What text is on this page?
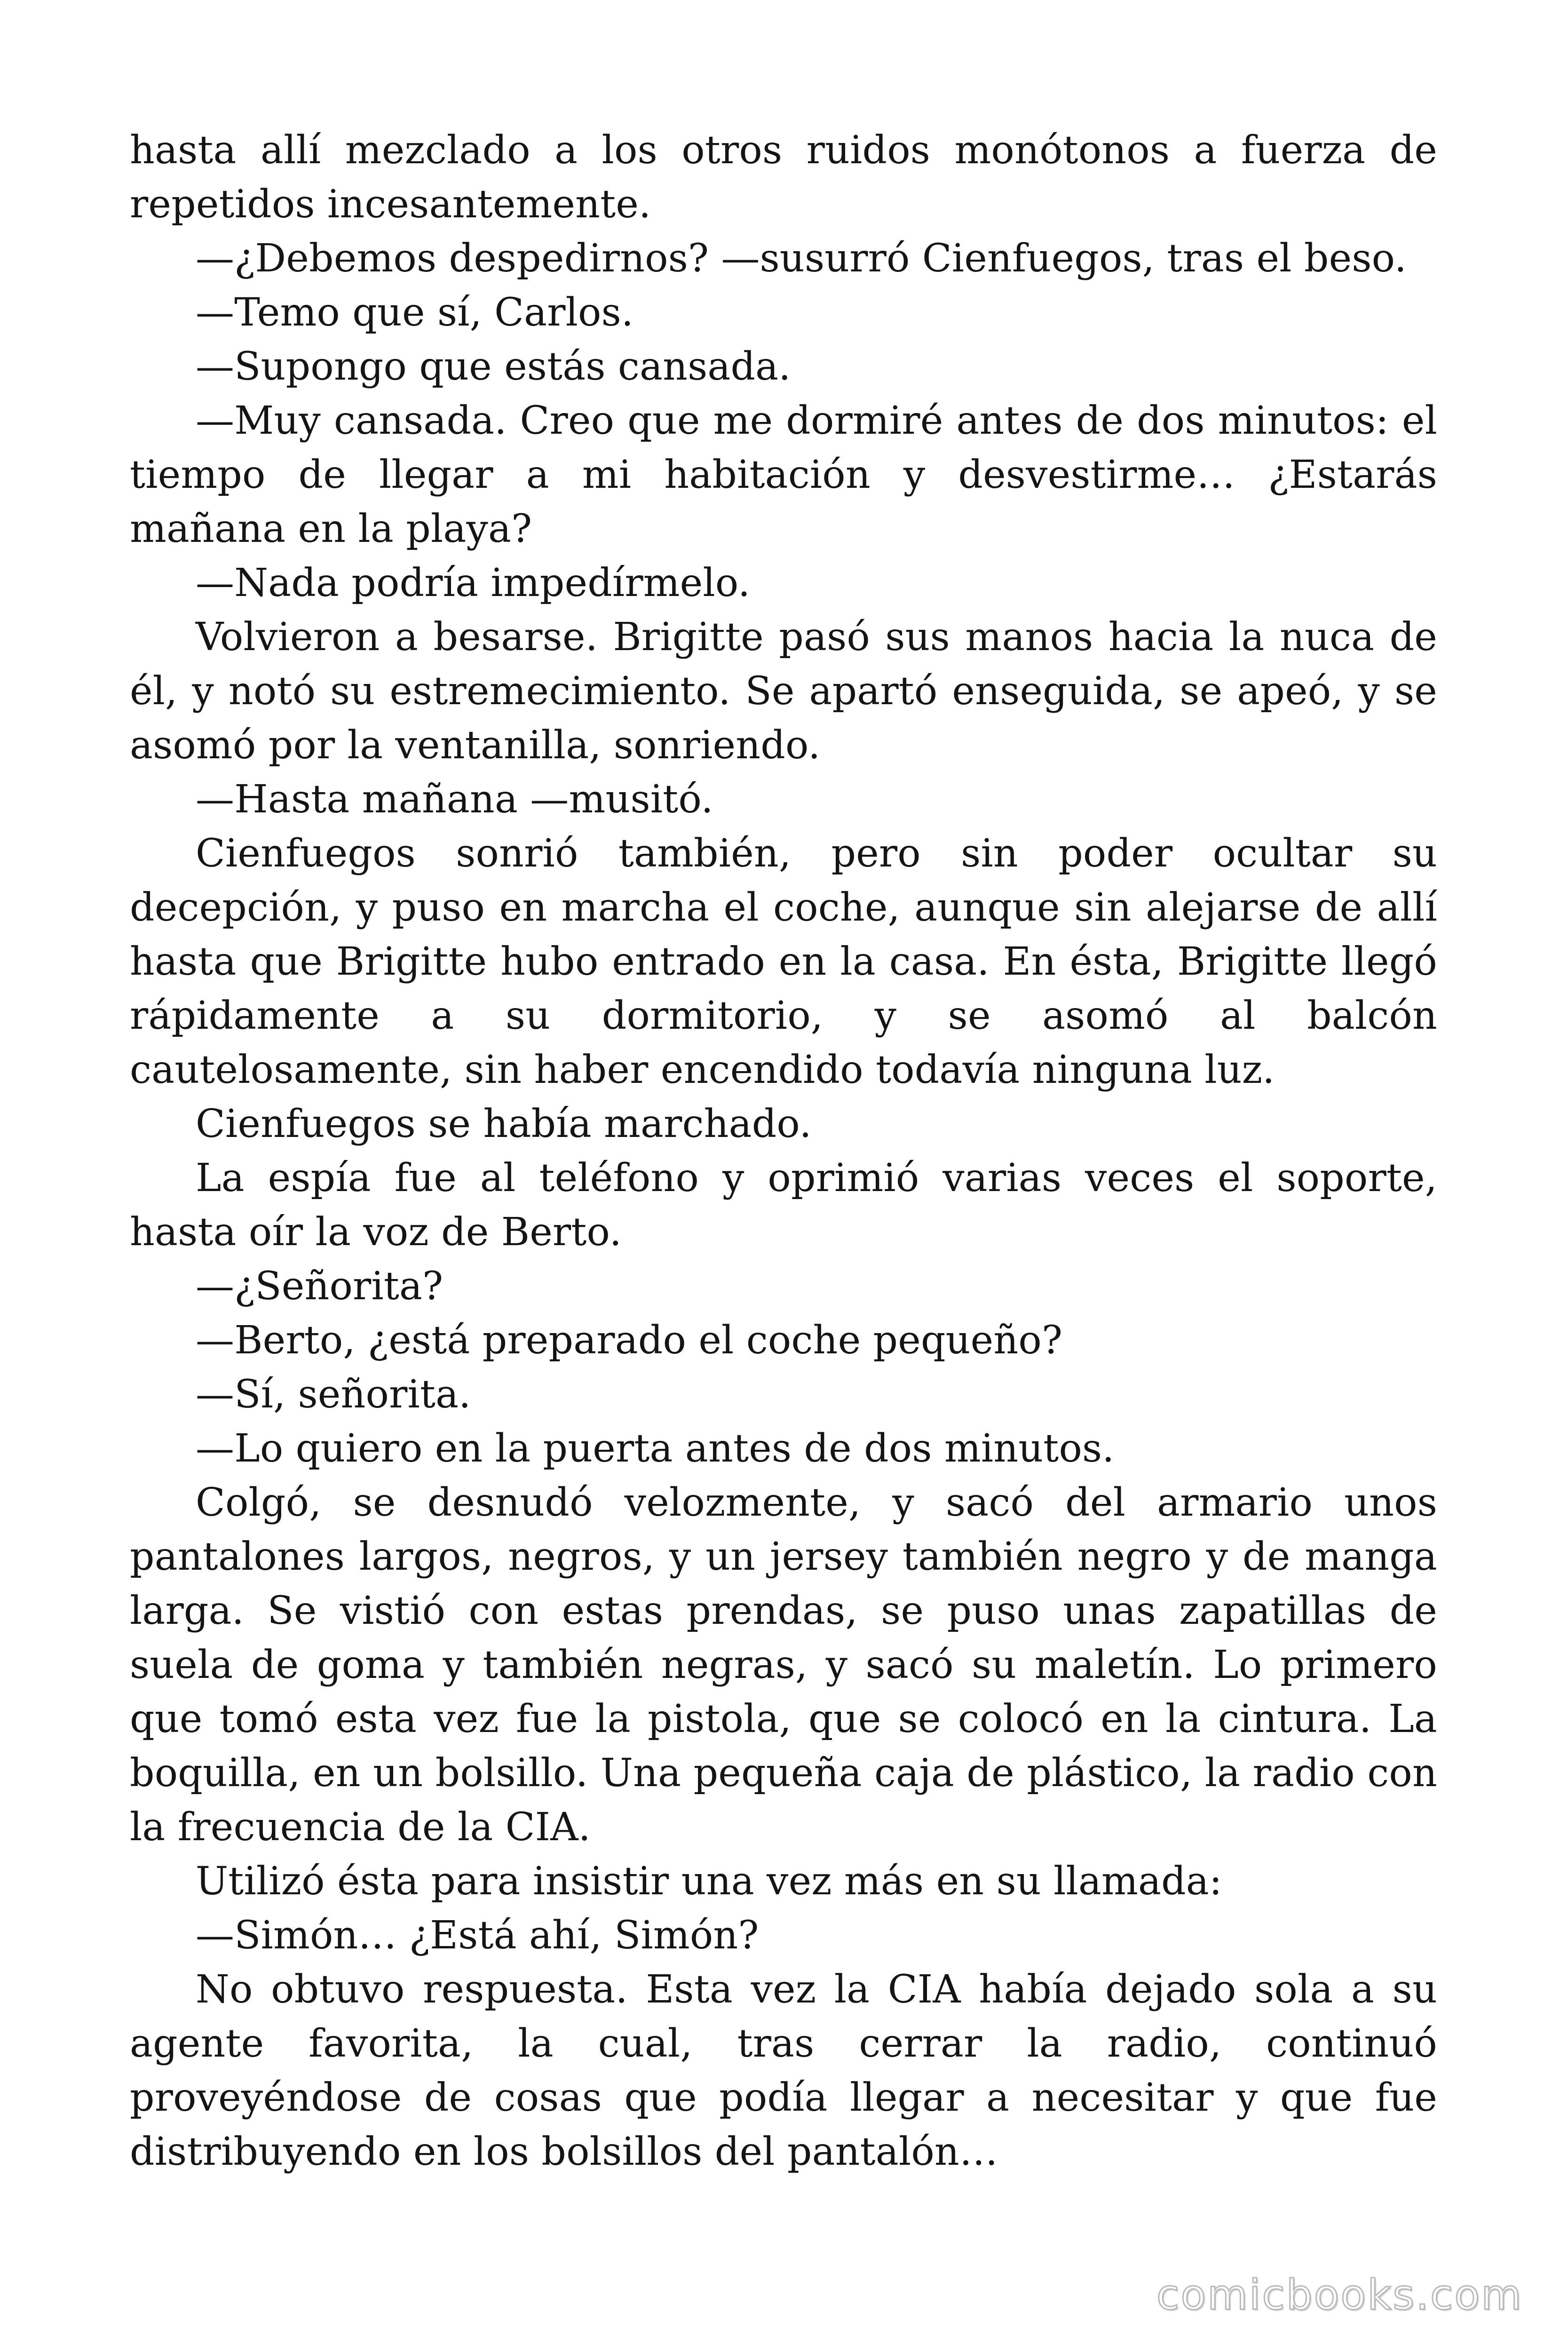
hasta allí mezclado a los otros ruidos monótonos a fuerza de repetidos incesantemente.

—¿Debemos despedirnos? —susurró Cienfuegos, tras el beso.

—Temo que sí, Carlos.

—Supongo que estás cansada.

—Muy cansada. Creo que me dormiré antes de dos minutos: el tiempo de llegar a mi habitación y desvestirme… ¿Estarás mañana en la playa?

—Nada podría impedírmelo.

Volvieron a besarse. Brigitte pasó sus manos hacia la nuca de él, y notó su estremecimiento. Se apartó enseguida, se apeó, y se asomó por la ventanilla, sonriendo.

—Hasta mañana —musitó.

Cienfuegos sonrió también, pero sin poder ocultar su decepción, y puso en marcha el coche, aunque sin alejarse de allí hasta que Brigitte hubo entrado en la casa. En ésta, Brigitte llegó rápidamente a su dormitorio, y se asomó al balcón cautelosamente, sin haber encendido todavía ninguna luz.

Cienfuegos se había marchado.

La espía fue al teléfono y oprimió varias veces el soporte, hasta oír la voz de Berto.

—¿Señorita?

—Berto, ¿está preparado el coche pequeño?

—Sí, señorita.

—Lo quiero en la puerta antes de dos minutos.

Colgó, se desnudó velozmente, y sacó del armario unos pantalones largos, negros, y un jersey también negro y de manga larga. Se vistió con estas prendas, se puso unas zapatillas de suela de goma y también negras, y sacó su maletín. Lo primero que tomó esta vez fue la pistola, que se colocó en la cintura. La boquilla, en un bolsillo. Una pequeña caja de plástico, la radio con la frecuencia de la CIA.

Utilizó ésta para insistir una vez más en su llamada:

—Simón… ¿Está ahí, Simón?

No obtuvo respuesta. Esta vez la CIA había dejado sola a su agente favorita, la cual, tras cerrar la radio, continuó proveyéndose de cosas que podía llegar a necesitar y que fue distribuyendo en los bolsillos del pantalón…

comicbooks.com
